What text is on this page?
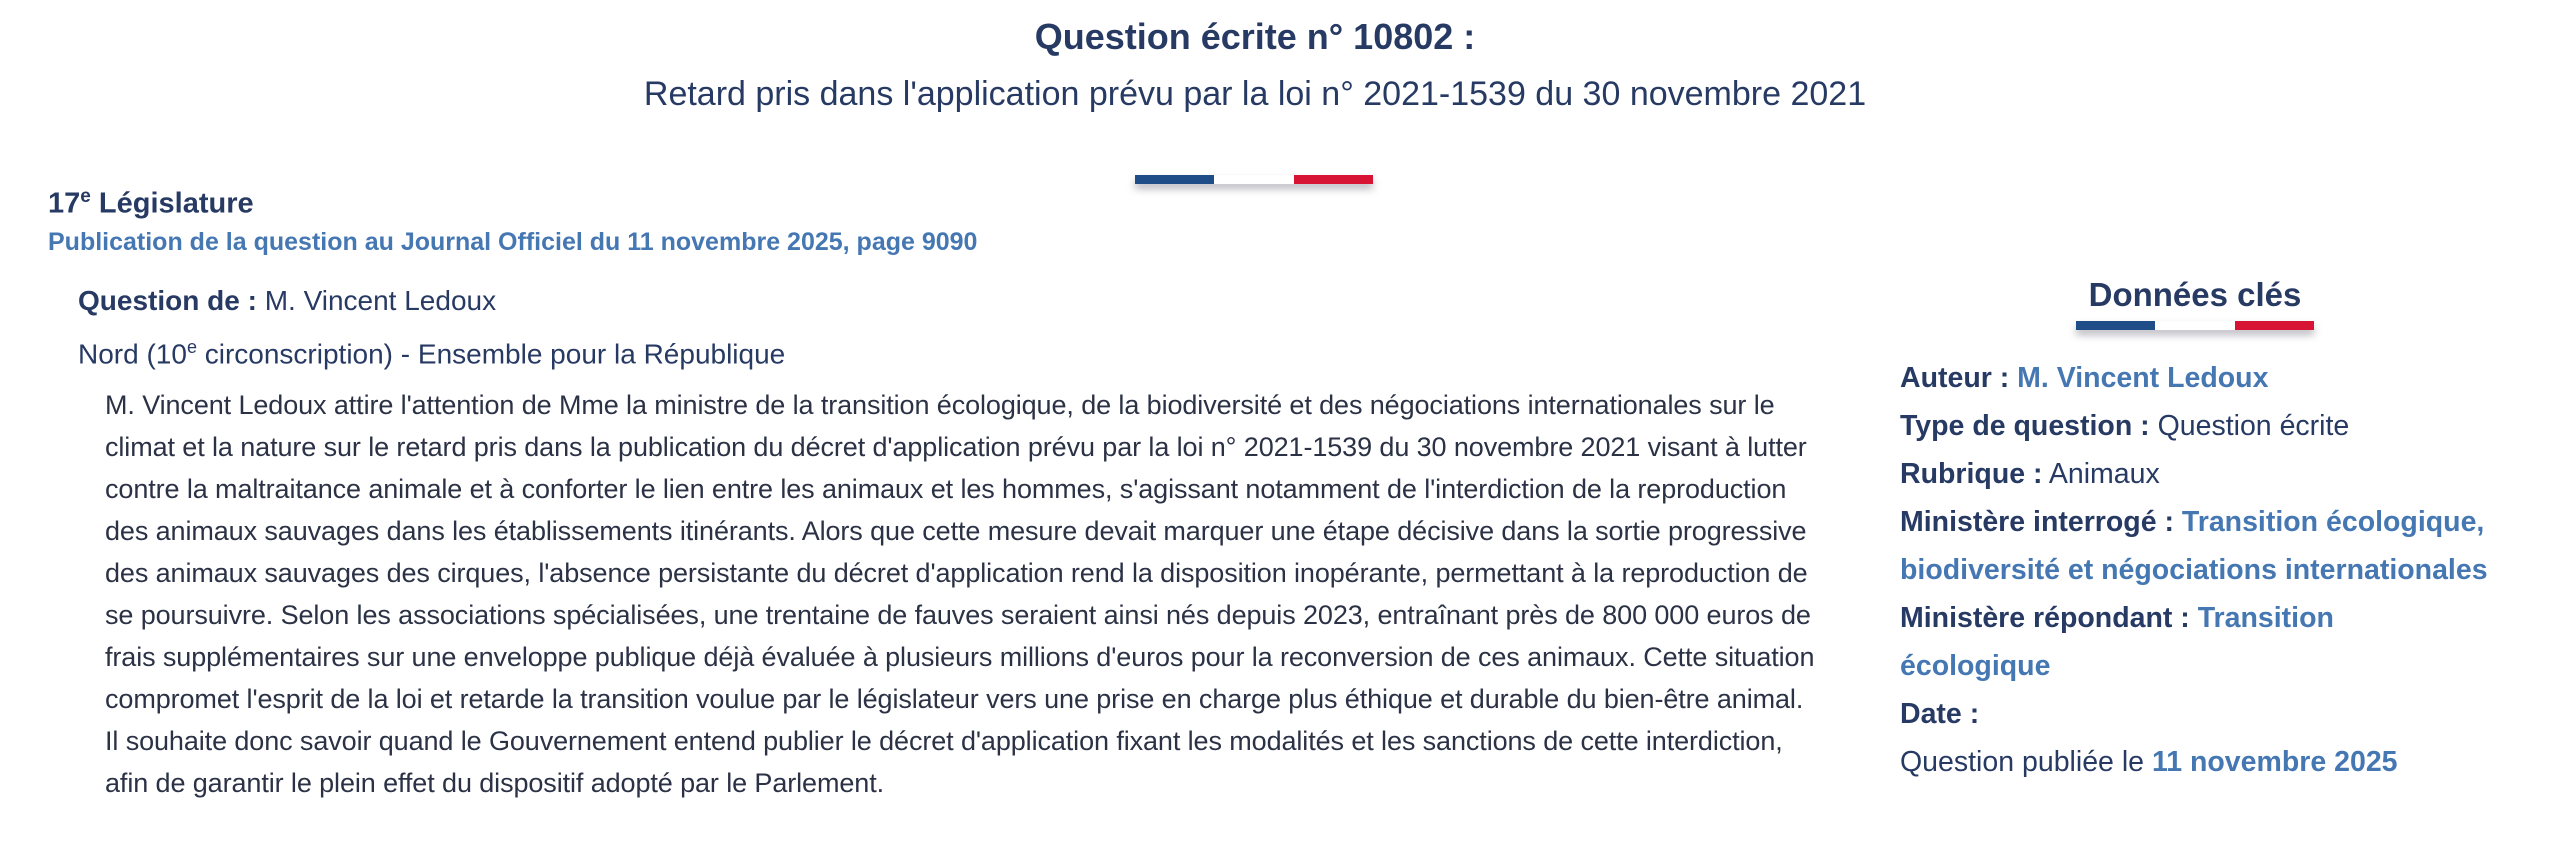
Question écrite n° 10802 :
Retard pris dans l'application prévu par la loi n° 2021-1539 du 30 novembre 2021
17e Législature
Publication de la question au Journal Officiel du 11 novembre 2025, page 9090
Question de : M. Vincent Ledoux
Nord (10e circonscription) - Ensemble pour la République
M. Vincent Ledoux attire l'attention de Mme la ministre de la transition écologique, de la biodiversité et des négociations internationales sur le climat et la nature sur le retard pris dans la publication du décret d'application prévu par la loi n° 2021-1539 du 30 novembre 2021 visant à lutter contre la maltraitance animale et à conforter le lien entre les animaux et les hommes, s'agissant notamment de l'interdiction de la reproduction des animaux sauvages dans les établissements itinérants. Alors que cette mesure devait marquer une étape décisive dans la sortie progressive des animaux sauvages des cirques, l'absence persistante du décret d'application rend la disposition inopérante, permettant à la reproduction de se poursuivre. Selon les associations spécialisées, une trentaine de fauves seraient ainsi nés depuis 2023, entraînant près de 800 000 euros de frais supplémentaires sur une enveloppe publique déjà évaluée à plusieurs millions d'euros pour la reconversion de ces animaux. Cette situation compromet l'esprit de la loi et retarde la transition voulue par le législateur vers une prise en charge plus éthique et durable du bien-être animal. Il souhaite donc savoir quand le Gouvernement entend publier le décret d'application fixant les modalités et les sanctions de cette interdiction, afin de garantir le plein effet du dispositif adopté par le Parlement.
Données clés
Auteur : M. Vincent Ledoux
Type de question : Question écrite
Rubrique : Animaux
Ministère interrogé : Transition écologique, biodiversité et négociations internationales
Ministère répondant : Transition écologique
Date :
Question publiée le 11 novembre 2025
